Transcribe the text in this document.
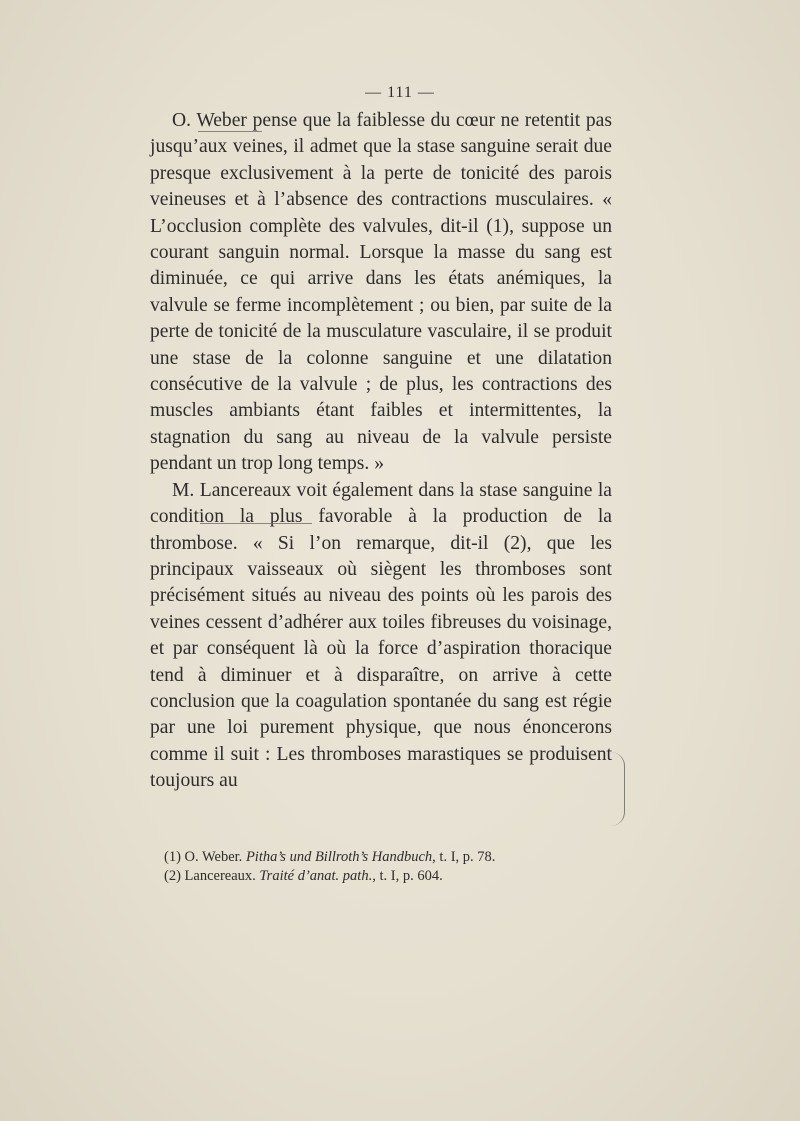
— 111 —

O. Weber pense que la faiblesse du cœur ne retentit pas jusqu’aux veines, il admet que la stase sanguine serait due presque exclusivement à la perte de tonicité des parois veineuses et à l’absence des contractions musculaires. « L’occlusion complète des valvules, dit-il (1), suppose un courant sanguin normal. Lorsque la masse du sang est diminuée, ce qui arrive dans les états anémiques, la valvule se ferme incomplètement ; ou bien, par suite de la perte de tonicité de la musculature vasculaire, il se produit une stase de la colonne sanguine et une dilatation consécutive de la valvule ; de plus, les contractions des muscles ambiants étant faibles et intermittentes, la stagnation du sang au niveau de la valvule persiste pendant un trop long temps. »

M. Lancereaux voit également dans la stase sanguine la condition la plus favorable à la production de la thrombose. « Si l’on remarque, dit-il (2), que les principaux vaisseaux où siègent les thromboses sont précisément situés au niveau des points où les parois des veines cessent d’adhérer aux toiles fibreuses du voisinage, et par conséquent là où la force d’aspiration thoracique tend à diminuer et à disparaître, on arrive à cette conclusion que la coagulation spontanée du sang est régie par une loi purement physique, que nous énoncerons comme il suit : Les thromboses marastiques se produisent toujours au

(1) O. Weber. Pitha’s und Billroth’s Handbuch, t. I, p. 78.
(2) Lancereaux. Traité d’anat. path., t. I, p. 604.
